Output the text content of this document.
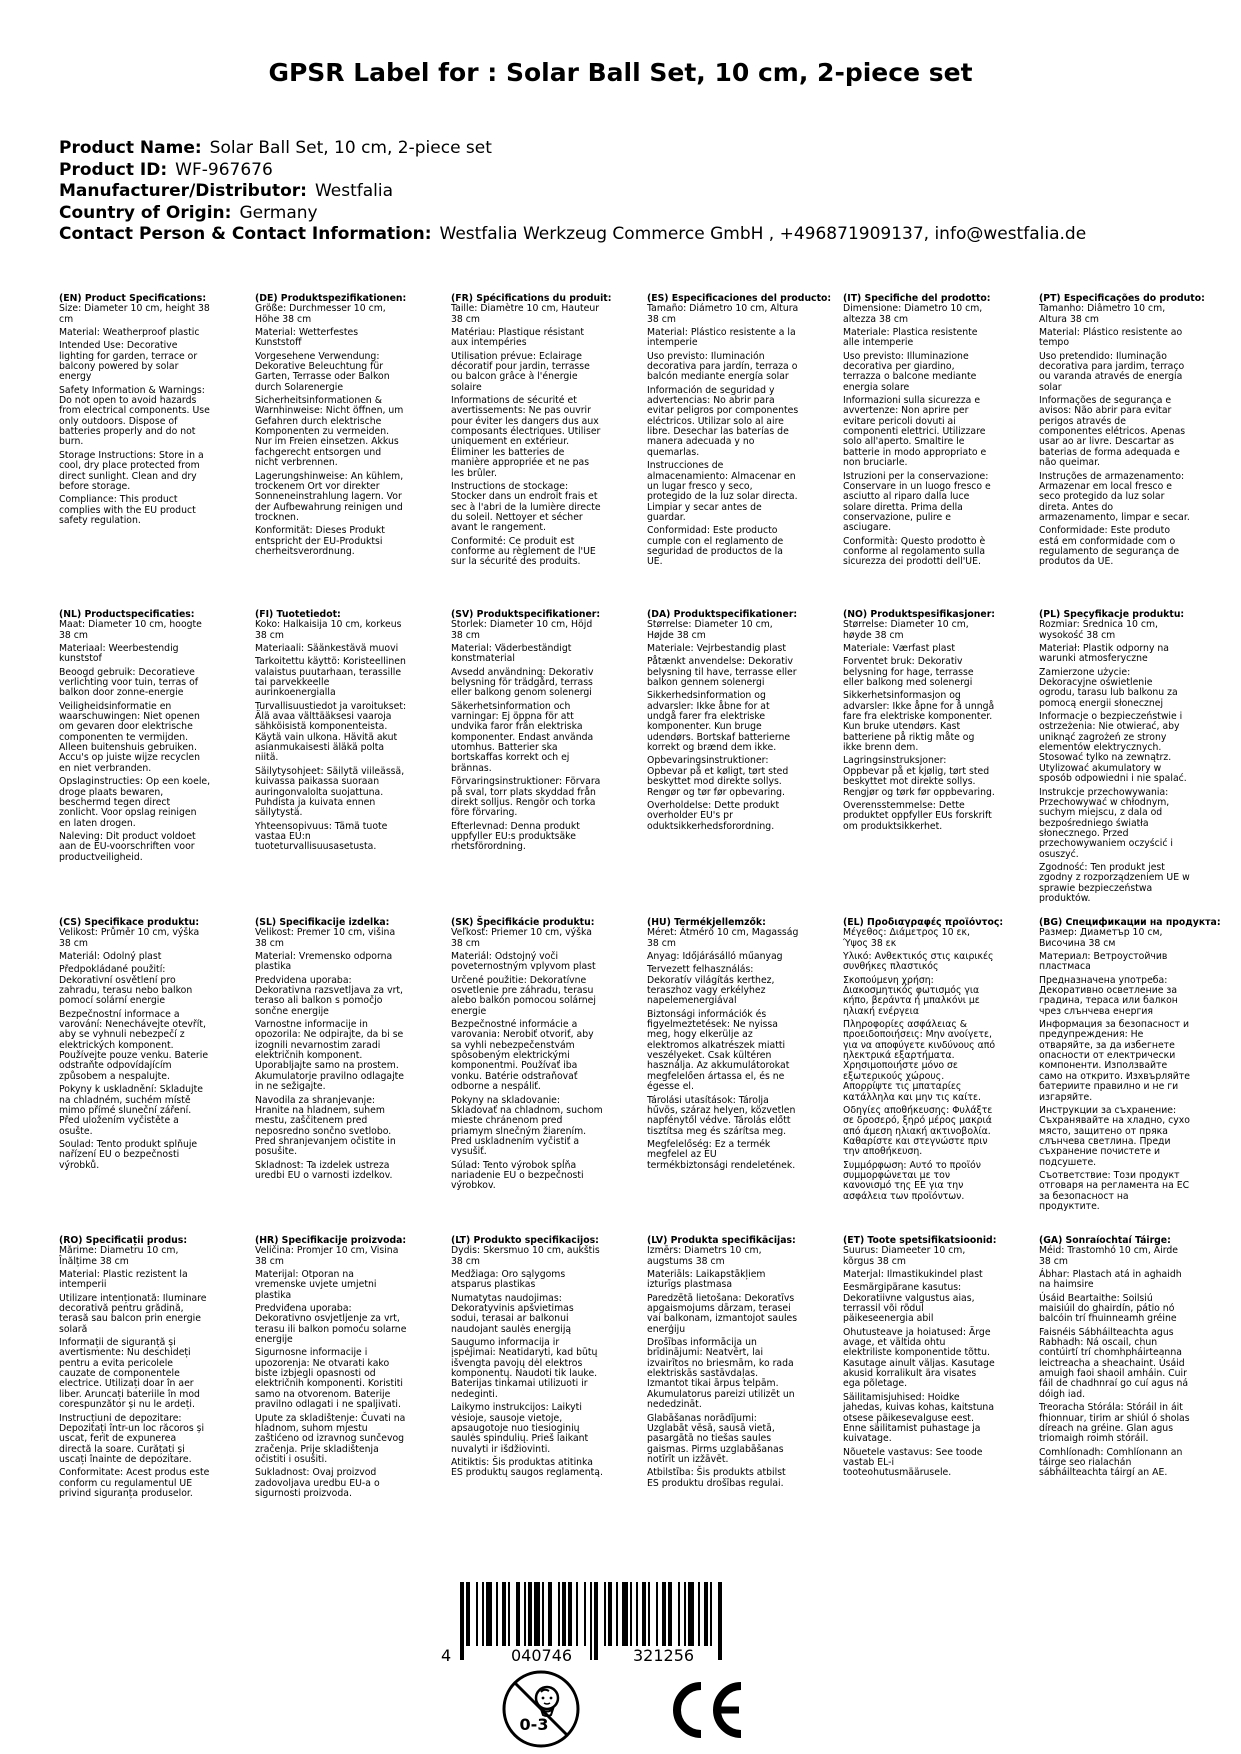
GPSR Label for : Solar Ball Set, 10 cm, 2-piece set
Product Name: Solar Ball Set, 10 cm, 2-piece set
Product ID: WF-967676
Manufacturer/Distributor: Westfalia
Country of Origin: Germany
Contact Person & Contact Information: Westfalia Werkzeug Commerce GmbH , +496871909137, info@westfalia.de
(EN) Product Specifications:

Size: Diameter 10 cm, height 38 cm

Material: Weatherproof plastic

Intended Use: Decorative lighting for garden, terrace or balcony powered by solar energy

Safety Information & Warnings: Do not open to avoid hazards from electrical components. Use only outdoors. Dispose of batteries properly and do not burn.

Storage Instructions: Store in a cool, dry place protected from direct sunlight. Clean and dry before storage.

Compliance: This product complies with the EU product safety regulation.

(DE) Produktspezifikationen:

Größe: Durchmesser 10 cm, Höhe 38 cm

Material: Wetterfestes Kunststoff

Vorgesehene Verwendung: Dekorative Beleuchtung für Garten, Terrasse oder Balkon durch Solarenergie

Sicherheitsinformationen & Warnhinweise: Nicht öffnen, um Gefahren durch elektrische Komponenten zu vermeiden. Nur im Freien einsetzen. Akkus fachgerecht entsorgen und nicht verbrennen.

Lagerungshinweise: An kühlem, trockenem Ort vor direkter Sonneneinstrahlung lagern. Vor der Aufbewahrung reinigen und trocknen.

Konformität: Dieses Produkt entspricht der EU-Produktsi cherheitsverordnung.

(FR) Spécifications du produit:

Taille: Diamètre 10 cm, Hauteur 38 cm

Matériau: Plastique résistant aux intempéries

Utilisation prévue: Eclairage décoratif pour jardin, terrasse ou balcon grâce à l'énergie solaire

Informations de sécurité et avertissements: Ne pas ouvrir pour éviter les dangers dus aux composants électriques. Utiliser uniquement en extérieur. Éliminer les batteries de manière appropriée et ne pas les brûler.

Instructions de stockage: Stocker dans un endroit frais et sec à l'abri de la lumière directe du soleil. Nettoyer et sécher avant le rangement.

Conformité: Ce produit est conforme au règlement de l'UE sur la sécurité des produits.

(ES) Especificaciones del producto:

Tamaño: Diámetro 10 cm, Altura 38 cm

Material: Plástico resistente a la intemperie

Uso previsto: Iluminación decorativa para jardín, terraza o balcón mediante energía solar

Información de seguridad y advertencias: No abrir para evitar peligros por componentes eléctricos. Utilizar solo al aire libre. Desechar las baterías de manera adecuada y no quemarlas.

Instrucciones de almacenamiento: Almacenar en un lugar fresco y seco, protegido de la luz solar directa. Limpiar y secar antes de guardar.

Conformidad: Este producto cumple con el reglamento de seguridad de productos de la UE.

(IT) Specifiche del prodotto:

Dimensione: Diametro 10 cm, altezza 38 cm

Materiale: Plastica resistente alle intemperie

Uso previsto: Illuminazione decorativa per giardino, terrazza o balcone mediante energia solare

Informazioni sulla sicurezza e avvertenze: Non aprire per evitare pericoli dovuti ai componenti elettrici. Utilizzare solo all'aperto. Smaltire le batterie in modo appropriato e non bruciarle.

Istruzioni per la conservazione: Conservare in un luogo fresco e asciutto al riparo dalla luce solare diretta. Prima della conservazione, pulire e asciugare.

Conformità: Questo prodotto è conforme al regolamento sulla sicurezza dei prodotti dell'UE.

(PT) Especificações do produto:

Tamanho: Diâmetro 10 cm, Altura 38 cm

Material: Plástico resistente ao tempo

Uso pretendido: Iluminação decorativa para jardim, terraço ou varanda através de energia solar

Informações de segurança e avisos: Não abrir para evitar perigos através de componentes elétricos. Apenas usar ao ar livre. Descartar as baterias de forma adequada e não queimar.

Instruções de armazenamento: Armazenar em local fresco e seco protegido da luz solar direta. Antes do armazenamento, limpar e secar.

Conformidade: Este produto está em conformidade com o regulamento de segurança de produtos da UE.

(NL) Productspecificaties:

Maat: Diameter 10 cm, hoogte 38 cm

Materiaal: Weerbestendig kunststof

Beoogd gebruik: Decoratieve verlichting voor tuin, terras of balkon door zonne-energie

Veiligheidsinformatie en waarschuwingen: Niet openen om gevaren door elektrische componenten te vermijden. Alleen buitenshuis gebruiken. Accu's op juiste wijze recyclen en niet verbranden.

Opslaginstructies: Op een koele, droge plaats bewaren, beschermd tegen direct zonlicht. Voor opslag reinigen en laten drogen.

Naleving: Dit product voldoet aan de EU-voorschriften voor productveiligheid.

(FI) Tuotetiedot:

Koko: Halkaisija 10 cm, korkeus 38 cm

Materiaali: Säänkestävä muovi

Tarkoitettu käyttö: Koristeellinen valaistus puutarhaan, terassille tai parvekkeelle aurinkoenergialla

Turvallisuustiedot ja varoitukset: Älä avaa välttääksesi vaaroja sähköisistä komponenteista. Käytä vain ulkona. Hävitä akut asianmukaisesti äläkä polta niitä.

Säilytysohjeet: Säilytä viileässä, kuivassa paikassa suoraan auringonvalolta suojattuna. Puhdista ja kuivata ennen säilytystä.

Yhteensopivuus: Tämä tuote vastaa EU:n tuoteturvallisuusasetusta.

(SV) Produktspecifikationer:

Storlek: Diameter 10 cm, Höjd 38 cm

Material: Väderbeständigt konstmaterial

Avsedd användning: Dekorativ belysning för trädgård, terrass eller balkong genom solenergi

Säkerhetsinformation och varningar: Ej öppna för att undvika faror från elektriska komponenter. Endast använda utomhus. Batterier ska bortskaffas korrekt och ej brännas.

Förvaringsinstruktioner: Förvara på sval, torr plats skyddad från direkt solljus. Rengör och torka före förvaring.

Efterlevnad: Denna produkt uppfyller EU:s produktsäke rhetsförordning.

(DA) Produktspecifikationer:

Størrelse: Diameter 10 cm, Højde 38 cm

Materiale: Vejrbestandig plast

Påtænkt anvendelse: Dekorativ belysning til have, terrasse eller balkon gennem solenergi

Sikkerhedsinformation og advarsler: Ikke åbne for at undgå farer fra elektriske komponenter. Kun bruge udendørs. Bortskaf batterierne korrekt og brænd dem ikke.

Opbevaringsinstruktioner: Opbevar på et køligt, tørt sted beskyttet mod direkte sollys. Rengør og tør før opbevaring.

Overholdelse: Dette produkt overholder EU's pr oduktsikkerhedsforordning.

(NO) Produktspesifikasjoner:

Størrelse: Diameter 10 cm, høyde 38 cm

Materiale: Værfast plast

Forventet bruk: Dekorativ belysning for hage, terrasse eller balkong med solenergi

Sikkerhetsinformasjon og advarsler: Ikke åpne for å unngå fare fra elektriske komponenter. Kun bruke utendørs. Kast batteriene på riktig måte og ikke brenn dem.

Lagringsinstruksjoner: Oppbevar på et kjølig, tørt sted beskyttet mot direkte sollys. Rengjør og tørk før oppbevaring.

Overensstemmelse: Dette produktet oppfyller EUs forskrift om produktsikkerhet.

(PL) Specyfikacje produktu:

Rozmiar: Średnica 10 cm, wysokość 38 cm

Materiał: Plastik odporny na warunki atmosferyczne

Zamierzone użycie: Dekoracyjne oświetlenie ogrodu, tarasu lub balkonu za pomocą energii słonecznej

Informacje o bezpieczeństwie i ostrzeżenia: Nie otwierać, aby uniknąć zagrożeń ze strony elementów elektrycznych. Stosować tylko na zewnątrz. Utylizować akumulatory w sposób odpowiedni i nie spalać.

Instrukcje przechowywania: Przechowywać w chłodnym, suchym miejscu, z dala od bezpośredniego światła słonecznego. Przed przechowywaniem oczyścić i osuszyć.

Zgodność: Ten produkt jest zgodny z rozporządzeniem UE w sprawie bezpieczeństwa produktów.

(CS) Specifikace produktu:

Velikost: Průměr 10 cm, výška 38 cm

Materiál: Odolný plast

Předpokládané použití: Dekorativní osvětlení pro zahradu, terasu nebo balkon pomocí solární energie

Bezpečnostní informace a varování: Nenechávejte otevřít, aby se vyhnuli nebezpečí z elektrických komponent. Používejte pouze venku. Baterie odstraňte odpovídajícím způsobem a nespalujte.

Pokyny k uskladnění: Skladujte na chladném, suchém místě mimo přímé sluneční záření. Před uložením vyčistěte a osušte.

Soulad: Tento produkt splňuje nařízení EU o bezpečnosti výrobků.

(SL) Specifikacije izdelka:

Velikost: Premer 10 cm, višina 38 cm

Material: Vremensko odporna plastika

Predvidena uporaba: Dekorativna razsvetljava za vrt, teraso ali balkon s pomočjo sončne energije

Varnostne informacije in opozorila: Ne odpirajte, da bi se izognili nevarnostim zaradi električnih komponent. Uporabljajte samo na prostem. Akumulatorje pravilno odlagajte in ne sežigajte.

Navodila za shranjevanje: Hranite na hladnem, suhem mestu, zaščitenem pred neposredno sončno svetlobo. Pred shranjevanjem očistite in posušite.

Skladnost: Ta izdelek ustreza uredbi EU o varnosti izdelkov.

(SK) Špecifikácie produktu:

Veľkosť: Priemer 10 cm, výška 38 cm

Materiál: Odstojný voči poveternostným vplyvom plast

Určené použitie: Dekoratívne osvetlenie pre záhradu, terasu alebo balkón pomocou solárnej energie

Bezpečnostné informácie a varovania: Nerobiť otvoriť, aby sa vyhli nebezpečenstvám spôsobeným elektrickými komponentmi. Používať iba vonku. Batérie odstraňovať odborne a nespáliť.

Pokyny na skladovanie: Skladovať na chladnom, suchom mieste chránenom pred priamym slnečným žiarením. Pred uskladnením vyčistiť a vysušiť.

Súlad: Tento výrobok spĺňa nariadenie EU o bezpečnosti výrobkov.

(HU) Termékjellemzők:

Méret: Átmérő 10 cm, Magasság 38 cm

Anyag: Időjárásálló műanyag

Tervezett felhasználás: Dekoratív világítás kerthez, teraszhoz vagy erkélyhez napelemenergiával

Biztonsági információk és figyelmeztetések: Ne nyissa meg, hogy elkerülje az elektromos alkatrészek miatti veszélyeket. Csak kültéren használja. Az akkumulátorokat megfelelően ártassa el, és ne égesse el.

Tárolási utasítások: Tárolja hűvös, száraz helyen, közvetlen napfénytől védve. Tárolás előtt tisztítsa meg és szárítsa meg.

Megfelelőség: Ez a termék megfelel az EU termékbiztonsági rendeletének.

(EL) Προδιαγραφές προϊόντος:

Μέγεθος: Διάμετρος 10 εκ, Ύψος 38 εκ

Υλικό: Ανθεκτικός στις καιρικές συνθήκες πλαστικός

Σκοπούμενη χρήση: Διακοσμητικός φωτισμός για κήπο, βεράντα ή μπαλκόνι με ηλιακή ενέργεια

Πληροφορίες ασφάλειας & προειδοποιήσεις: Μην ανοίγετε, για να αποφύγετε κινδύνους από ηλεκτρικά εξαρτήματα. Χρησιμοποιήστε μόνο σε εξωτερικούς χώρους. Απορρίψτε τις μπαταρίες κατάλληλα και μην τις καίτε.

Οδηγίες αποθήκευσης: Φυλάξτε σε δροσερό, ξηρό μέρος μακριά από άμεση ηλιακή ακτινοβολία. Καθαρίστε και στεγνώστε πριν την αποθήκευση.

Συμμόρφωση: Αυτό το προϊόν συμμορφώνεται με τον κανονισμό της ΕΕ για την ασφάλεια των προϊόντων.

(BG) Спецификации на продукта:

Размер: Диаметър 10 см, Височина 38 см

Материал: Ветроустойчив пластмаса

Предназначена употреба: Декоративно осветление за градина, тераса или балкон чрез слънчева енергия

Информация за безопасност и предупреждения: Не отваряйте, за да избегнете опасности от електрически компоненти. Използвайте само на открито. Изхвърляйте батериите правилно и не ги изгаряйте.

Инструкции за съхранение: Съхранявайте на хладно, сухо място, защитено от пряка слънчева светлина. Преди съхранение почистете и подсушете.

Съответствие: Този продукт отговаря на регламента на ЕС за безопасност на продуктите.

(RO) Specificații produs:

Mărime: Diametru 10 cm, Înălțime 38 cm

Material: Plastic rezistent la intemperii

Utilizare intenționată: Iluminare decorativă pentru grădină, terasă sau balcon prin energie solară

Informații de siguranță și avertismente: Nu deschideți pentru a evita pericolele cauzate de componentele electrice. Utilizați doar în aer liber. Aruncați bateriile în mod corespunzător și nu le ardeți.

Instrucțiuni de depozitare: Depozitați într-un loc răcoros și uscat, ferit de expunerea directă la soare. Curățați și uscați înainte de depozitare.

Conformitate: Acest produs este conform cu regulamentul UE privind siguranța produselor.

(HR) Specifikacije proizvoda:

Veličina: Promjer 10 cm, Visina 38 cm

Materijal: Otporan na vremenske uvjete umjetni plastika

Predviđena uporaba: Dekorativno osvjetljenje za vrt, terasu ili balkon pomoću solarne energije

Sigurnosne informacije i upozorenja: Ne otvarati kako biste izbjegli opasnosti od električnih komponenti. Koristiti samo na otvorenom. Baterije pravilno odlagati i ne spaljivati.

Upute za skladištenje: Čuvati na hladnom, suhom mjestu zaštićeno od izravnog sunčevog zračenja. Prije skladištenja očistiti i osušiti.

Sukladnost: Ovaj proizvod zadovoljava uredbu EU-a o sigurnosti proizvoda.

(LT) Produkto specifikacijos:

Dydis: Skersmuo 10 cm, aukštis 38 cm

Medžiaga: Oro sąlygoms atsparus plastikas

Numatytas naudojimas: Dekoratyvinis apšvietimas sodui, terasai ar balkonui naudojant saulės energiją

Saugumo informacija ir įspėjimai: Neatidaryti, kad būtų išvengta pavojų dėl elektros komponentų. Naudoti tik lauke. Baterijas tinkamai utilizuoti ir nedeginti.

Laikymo instrukcijos: Laikyti vėsioje, sausoje vietoje, apsaugotoje nuo tiesioginių saulės spindulių. Prieš laikant nuvalyti ir išdžiovinti.

Atitiktis: Šis produktas atitinka ES produktų saugos reglamentą.

(LV) Produkta specifikācijas:

Izmērs: Diametrs 10 cm, augstums 38 cm

Materiāls: Laikapstākļiem izturīgs plastmasa

Paredzētā lietošana: Dekoratīvs apgaismojums dārzam, terasei vai balkonam, izmantojot saules enerģiju

Drošības informācija un brīdinājumi: Neatvērt, lai izvairītos no briesmām, ko rada elektriskās sastāvdaļas. Izmantot tikai ārpus telpām. Akumulatorus pareizi utilizēt un nededzināt.

Glabāšanas norādījumi: Uzglabāt vēsā, sausā vietā, pasargātā no tiešas saules gaismas. Pirms uzglabāšanas notīrīt un izžāvēt.

Atbilstība: Šis produkts atbilst ES produktu drošības regulai.

(ET) Toote spetsifikatsioonid:

Suurus: Diameeter 10 cm, kõrgus 38 cm

Materjal: Ilmastikukindel plast

Eesmärgipärane kasutus: Dekoratiivne valgustus aias, terrassil või rõdul päikeseenergia abil

Ohutusteave ja hoiatused: Ärge avage, et vältida ohtu elektriliste komponentide tõttu. Kasutage ainult väljas. Kasutage akusid korralikult ära visates ega põletage.

Säilitamisjuhised: Hoidke jahedas, kuivas kohas, kaitstuna otsese päikesevalguse eest. Enne säilitamist puhastage ja kuivatage.

Nõuetele vastavus: See toode vastab EL-i tooteohutusmäärusele.

(GA) Sonraíochtaí Táirge:

Méid: Trastomhó 10 cm, Airde 38 cm

Ábhar: Plastach atá in aghaidh na haimsire

Úsáid Beartaithe: Soilsiú maisiúil do ghairdín, pátio nó balcóin trí fhuinneamh gréine

Faisnéis Sábháilteachta agus Rabhadh: Ná oscail, chun contúirtí trí chomhpháirteanna leictreacha a sheachaint. Úsáid amuigh faoi shaoil amháin. Cuir fáil de chadhnraí go cuí agus ná dóigh iad.

Treoracha Stórála: Stóráil in áit fhionnuar, tirim ar shiúl ó sholas díreach na gréine. Glan agus triomaigh roimh stóráil.

Comhlíonadh: Comhlíonann an táirge seo rialachán sábháilteachta táirgí an AE.

4	040746	321256
0-3
